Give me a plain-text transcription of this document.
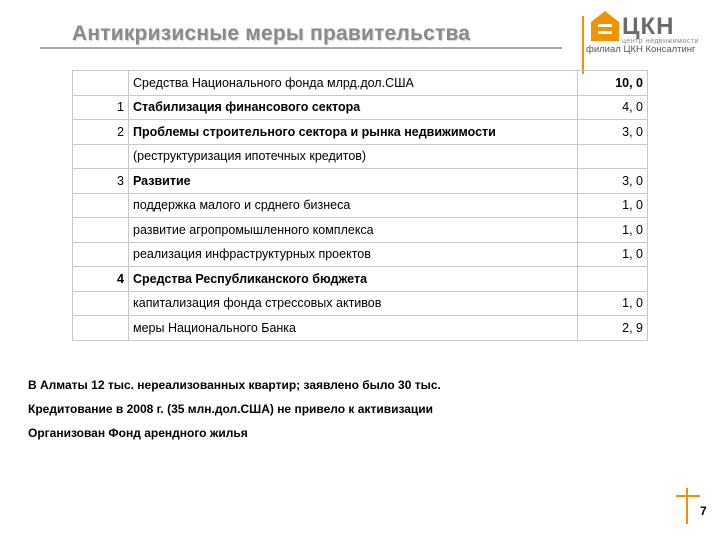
Антикризисные меры правительства	ЦКН
центр недвижимости
филиал ЦКН Консалтинг
	Средства Национального фонда млрд.дол.США	10, 0
1	Стабилизация финансового сектора	4, 0
2	Проблемы строительного сектора и рынка недвижимости	3, 0
	(реструктуризация ипотечных кредитов)	
3	Развитие	3, 0
	поддержка малого и срднего бизнеса	1, 0
	развитие агропромышленного комплекса	1, 0
	реализация инфраструктурных проектов	1, 0
4	Средства Республиканского бюджета	
	капитализация фонда стрессовых активов	1, 0
	меры Национального Банка	2, 9
В Алматы 12 тыс. нереализованных квартир; заявлено было 30 тыс.
Кредитование в 2008 г. (35 млн.дол.США) не привело к активизации
Организован Фонд арендного жилья
7
